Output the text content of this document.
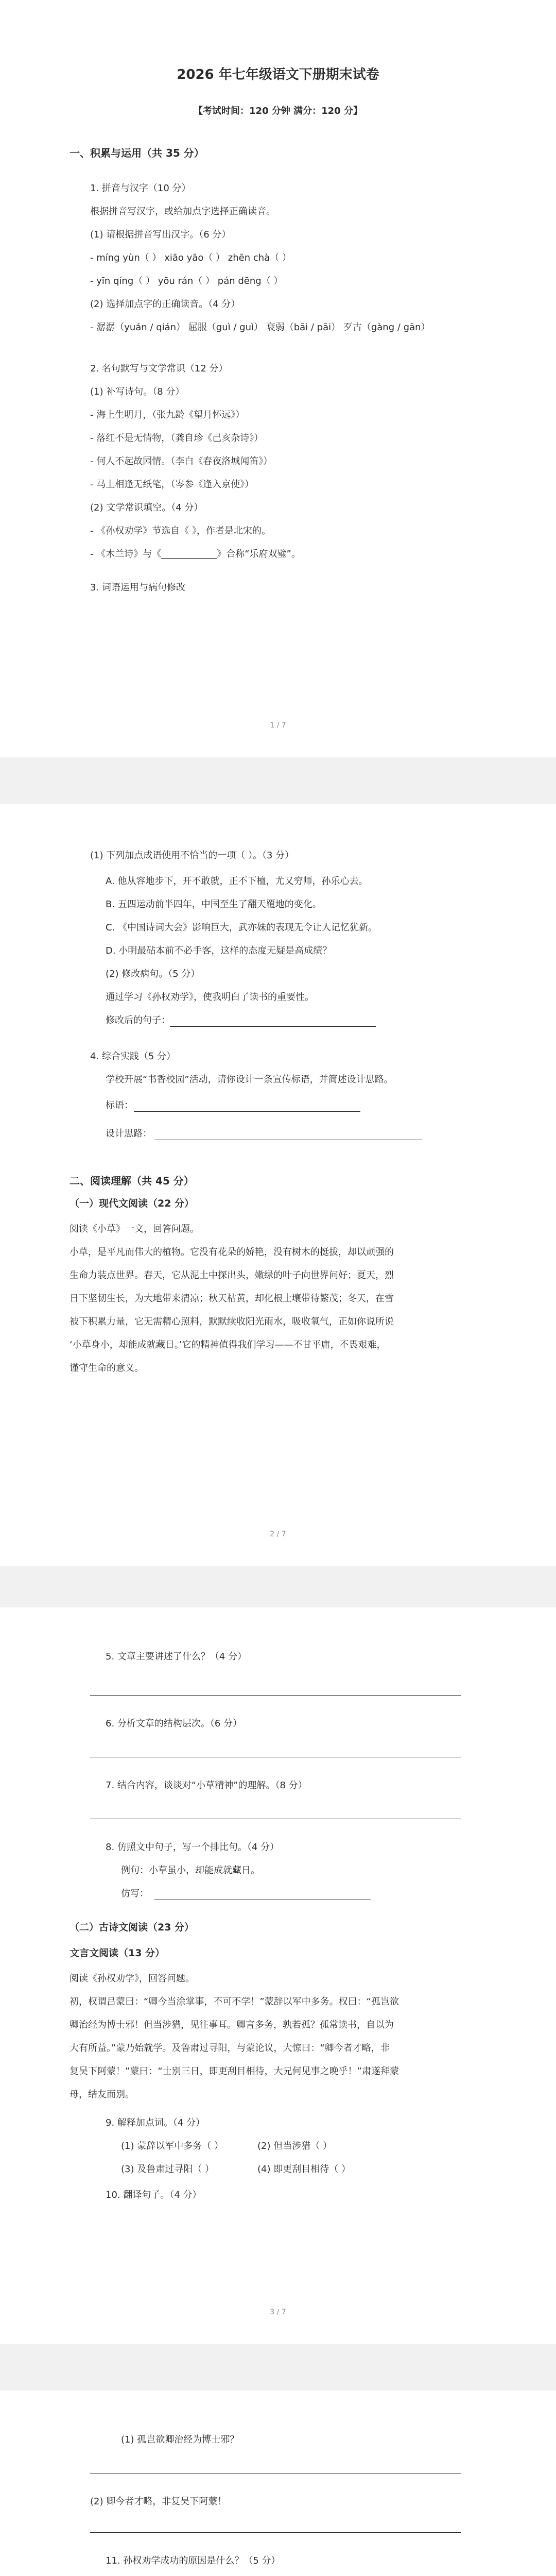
2026 年七年级语文下册期末试卷
【考试时间：120 分钟 满分：120 分】
一、积累与运用（共 35 分）
1. 拼音与汉字（10 分）
根据拼音写汉字，或给加点字选择正确读音。
(1) 请根据拼音写出汉字。（6 分）
- míng yùn（ ） xiāo yāo（ ） zhēn chà（ ）
- yīn qíng（ ） yōu rán（ ） pán dēng（ ）
(2) 选择加点字的正确读音。（4 分）
- 潺潺（yuán / qián） 屈服（guì / guì） 衰弱（bāi / pāi） 歹古（gàng / gān）
2. 名句默写与文学常识（12 分）
(1) 补写诗句。（8 分）
- 海上生明月，（张九龄《望月怀远》）
- 落红不是无情物，（龚自珍《己亥杂诗》）
- 何人不起故园情。（李白《春夜洛城闻笛》）
- 马上相逢无纸笔，（岑参《逢入京使》）
(2) 文学常识填空。（4 分）
- 《孙权劝学》节选自《 》，作者是北宋的。
- 《木兰诗》与《____________》合称“乐府双璧”。
3. 词语运用与病句修改
1 / 7
(1) 下列加点成语使用不恰当的一项（ ）。（3 分）
A. 他从容地步下，开不敢就，正不下檀，尤又穷师，孙乐心去。
B. 五四运动前半四年，中国至生了翻天覆地的变化。
C. 《中国诗词大会》影响巨大，武亦妹的表现无令让人记忆犹新。
D. 小明最砧本前不必手客，这样的态度无疑是高成绩？
(2) 修改病句。（5 分）
通过学习《孙权劝学》，使我明白了读书的重要性。
修改后的句子：
4. 综合实践（5 分）
学校开展“书香校园”活动，请你设计一条宣传标语，并简述设计思路。
标语：
设计思路：
二、阅读理解（共 45 分）
（一）现代文阅读（22 分）
阅读《小草》一文，回答问题。
小草，是平凡而伟大的植物。它没有花朵的娇艳，没有树木的挺拔，却以顽强的
生命力装点世界。春天，它从泥土中探出头，嫩绿的叶子向世界问好；夏天，烈
日下坚韧生长，为大地带来清凉；秋天枯黄，却化根土壤带待繁茂；冬天，在雪
被下积累力量，它无需精心照料，默默续收阳光雨水，吸收氧气，正如你说所说
‘小草身小，却能成就藏日。’它的精神值得我们学习——不甘平庸，不畏艰难，
谨守生命的意义。
2 / 7
5. 文章主要讲述了什么？（4 分）
6. 分析文章的结构层次。（6 分）
7. 结合内容，谈谈对“小草精神”的理解。（8 分）
8. 仿照文中句子，写一个排比句。（4 分）
例句：小草虽小，却能成就藏日。
仿写：
（二）古诗文阅读（23 分）
文言文阅读（13 分）
阅读《孙权劝学》，回答问题。
初，权谓吕蒙曰：“卿今当涂掌事，不可不学！”蒙辞以军中多务。权曰：“孤岂欲
卿治经为博士邪！但当涉猎，见往事耳。卿言多务，孰若孤？孤常读书，自以为
大有所益。”蒙乃始就学。及鲁肃过寻阳，与蒙论议，大惊曰：“卿今者才略，非
复吴下阿蒙！”蒙曰：“士别三日，即更刮目相待，大兄何见事之晚乎！”肃遂拜蒙
母，结友而别。
9. 解释加点词。（4 分）
(1) 蒙辞以军中多务（ ）	(2) 但当涉猎（ ）
(3) 及鲁肃过寻阳（ ）	(4) 即更刮目相待（ ）
10. 翻译句子。（4 分）
3 / 7
(1) 孤岂欲卿治经为博士邪？
(2) 卿今者才略，非复吴下阿蒙！
11. 孙权劝学成功的原因是什么？（5 分）
